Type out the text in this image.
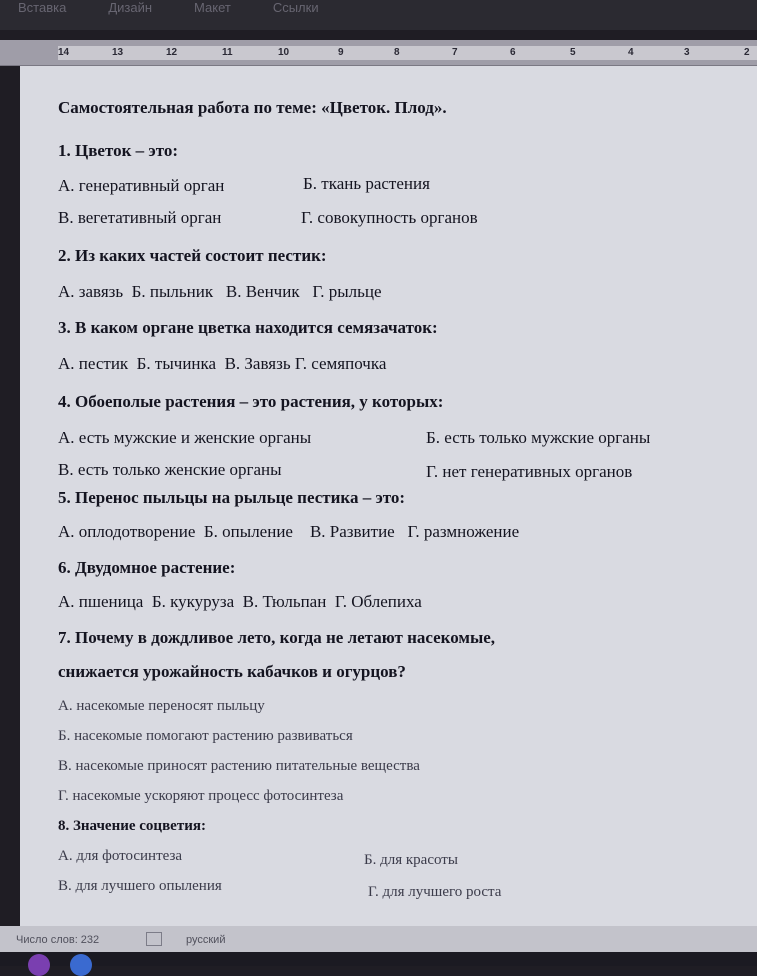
Вставка	Дизайн	Макет	Ссылки
14	13	12	11	10	9	8	7	6	5	4	3	2
Самостоятельная работа по теме: «Цветок. Плод».
1. Цветок – это:
А. генеративный орган	Б. ткань растения
В. вегетативный орган	Г. совокупность органов
2. Из каких частей состоит пестик:
А. завязь  Б. пыльник   В. Венчик   Г. рыльце
3. В каком органе цветка находится семязачаток:
А. пестик  Б. тычинка  В. Завязь Г. семяпочка
4. Обоеполые растения – это растения, у которых:
А. есть мужские и женские органы	Б. есть только мужские органы
В. есть только женские органы	Г. нет генеративных органов
5. Перенос пыльцы на рыльце пестика – это:
А. оплодотворение  Б. опыление    В. Развитие   Г. размножение
6. Двудомное растение:
А. пшеница  Б. кукуруза  В. Тюльпан  Г. Облепиха
7. Почему в дождливое лето, когда не летают насекомые,
снижается урожайность кабачков и огурцов?
А. насекомые переносят пыльцу
Б. насекомые помогают растению развиваться
В. насекомые приносят растению питательные вещества
Г. насекомые ускоряют процесс фотосинтеза
8. Значение соцветия:
А. для фотосинтеза	Б. для красоты
В. для лучшего опыления	Г. для лучшего роста
Число слов: 232	русский
